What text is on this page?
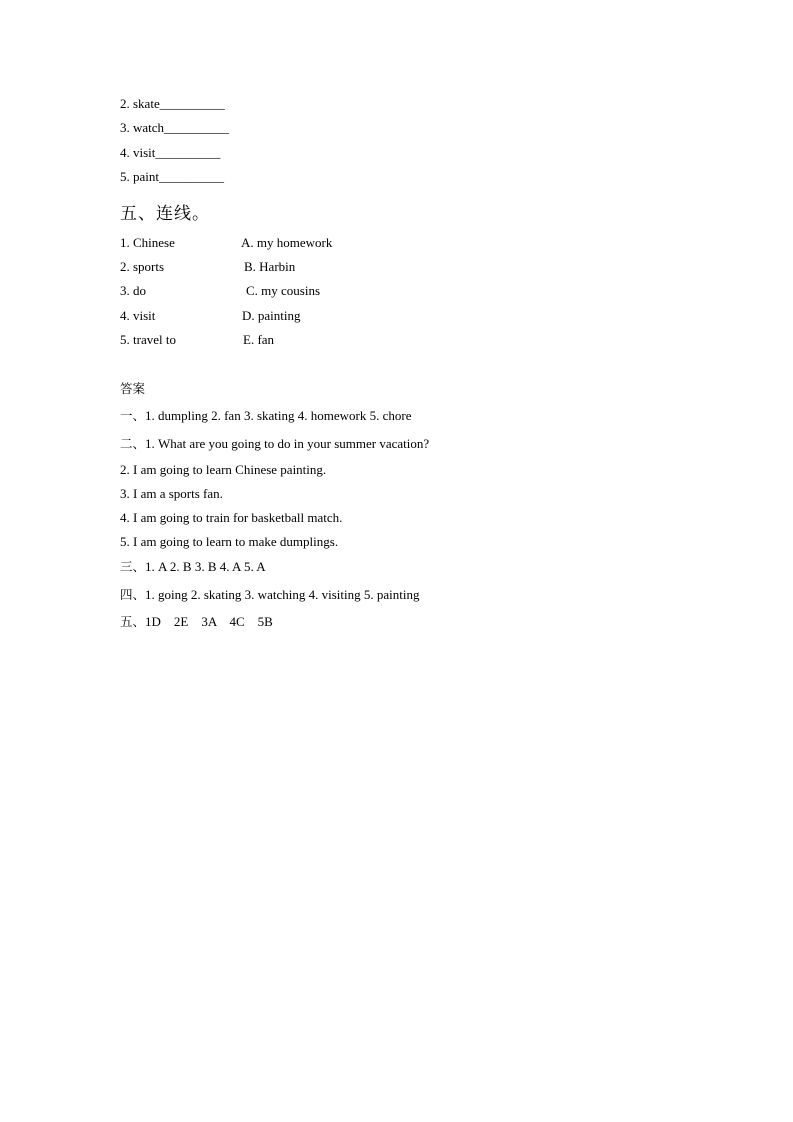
2. skate__________
3. watch__________
4. visit__________
5. paint__________
五、连线。
1. Chinese	A. my homework
2. sports	B. Harbin
3. do	C. my cousins
4. visit	D. painting
5. travel to	E. fan
答案
一、1. dumpling 2. fan 3. skating 4. homework 5. chore
二、1. What are you going to do in your summer vacation?
2. I am going to learn Chinese painting.
3. I am a sports fan.
4. I am going to train for basketball match.
5. I am going to learn to make dumplings.
三、1. A 2. B 3. B 4. A 5. A
四、1. going 2. skating 3. watching 4. visiting 5. painting
五、1D    2E    3A    4C    5B
